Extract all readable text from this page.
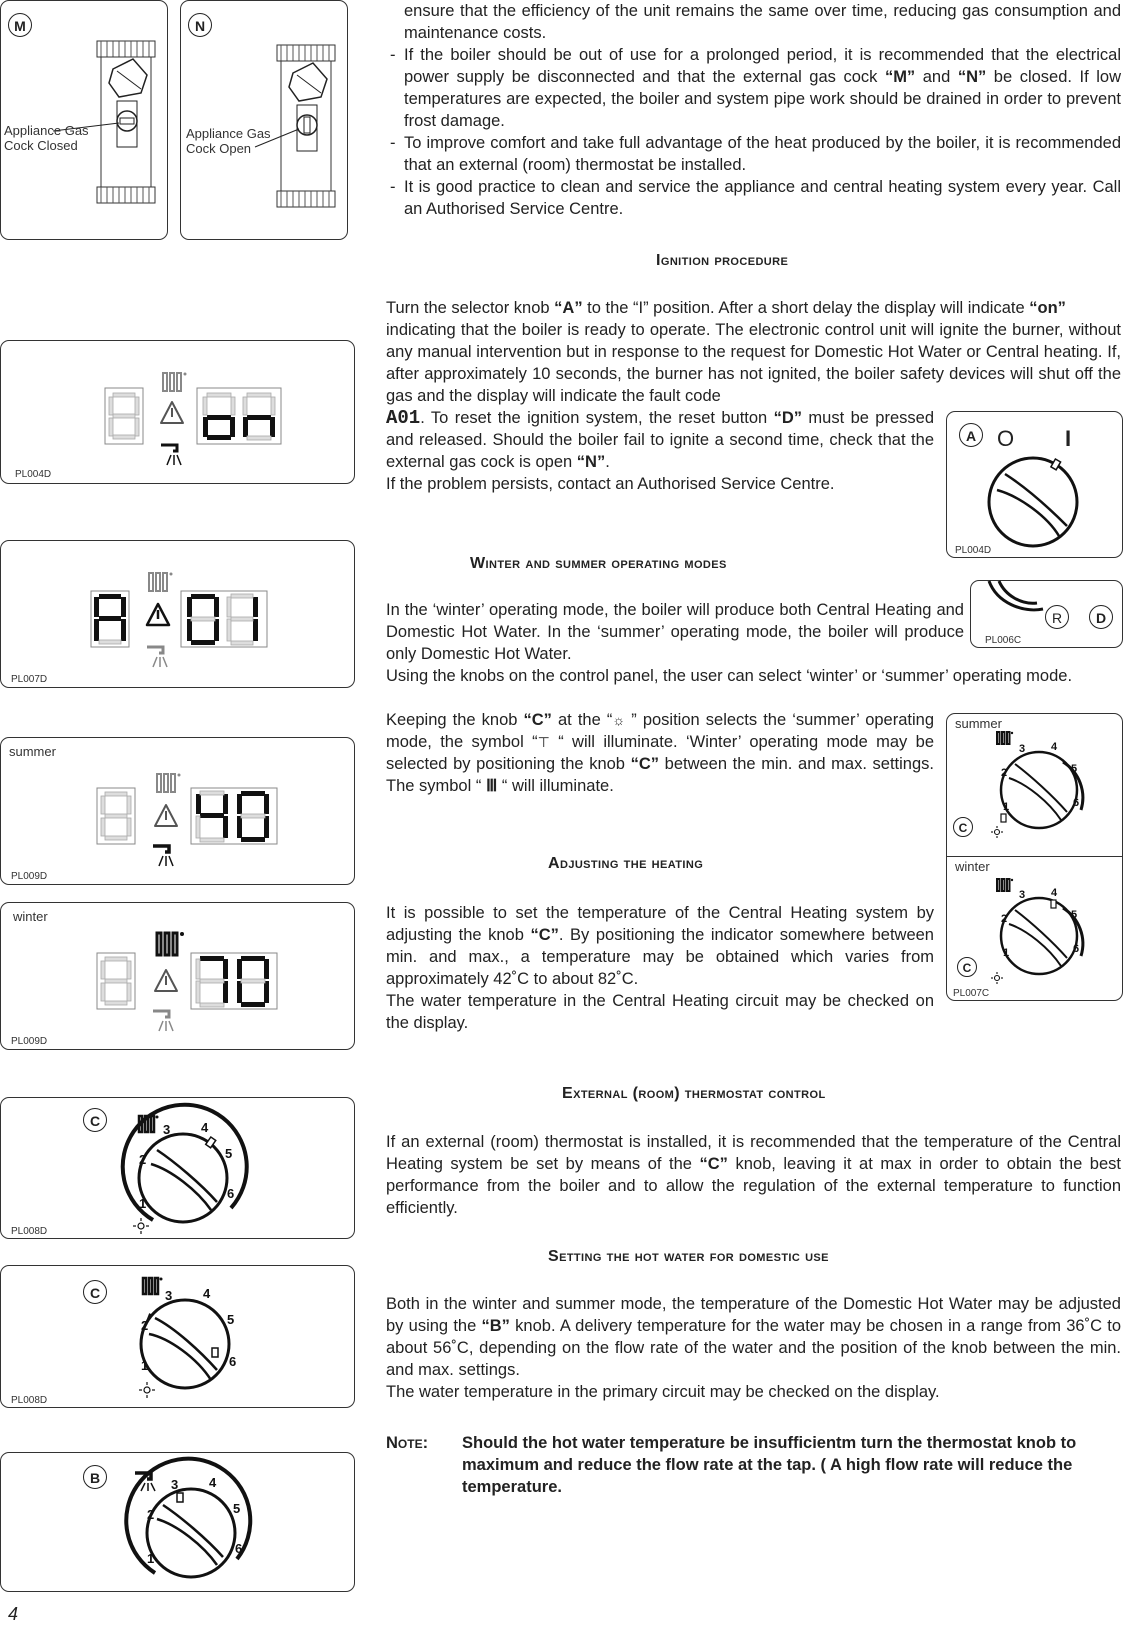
M
Appliance Gas
Cock Closed
N
Appliance Gas
Cock Open
PL004D
PL007D
summer
PL009D
winter
PL009D
C
1
2
3 4
5
6
PL008D
C
1
2
3 4
5
6
PL008D
B
1
2
3 4
5
6
A O I
PL004D
R	D
PL006C
summer
winter
C
C
1
2
3 4
5
6
1
2
3 4
5
6
PL007C

ensure that the efficiency of the unit remains the same over time, reducing gas consumption and maintenance costs.

- If the boiler should be out of use for a prolonged period, it is recommended that the electrical power supply be disconnected and that the external gas cock “M” and “N” be closed. If low temperatures are expected, the boiler and system pipe work should be drained in order to prevent frost damage.
- To improve comfort and take full advantage of the heat produced by the boiler, it is recommended that an external (room) thermostat be installed.
- It is good practice to clean and service the appliance and central heating system every year. Call an Authorised Service Centre.
Ignition procedure

Turn the selector knob “A” to the “I” position. After a short delay the display will indicate “on”

indicating that the boiler is ready to operate. The electronic control unit will ignite the burner, without any manual intervention but in response to the request for Domestic Hot Water or Central heating. If, after approximately 10 seconds, the burner has not ignited, the boiler safety devices will shut off the gas and the display will indicate the fault code

A01. To reset the ignition system, the reset button “D” must be pressed and released. Should the boiler fail to ignite a second time, check that the external gas cock is open “N”.

If the problem persists, contact an Authorised Service Centre.

Winter and summer operating modes

In the ‘winter’ operating mode, the boiler will produce both Central Heating and Domestic Hot Water. In the ‘summer’ operating mode, the boiler will produce only Domestic Hot Water.

Using the knobs on the control panel, the user can select ‘winter’ or ‘summer’ operating mode.

Keeping the knob “C” at the “☼ ” position selects the ‘summer’ operating mode, the symbol “⊤ “ will illuminate. ‘Winter’ operating mode may be selected by positioning the knob “C” between the min. and max. settings. The symbol “ Ⅲ “ will illuminate.

Adjusting the heating

It is possible to set the temperature of the Central Heating system by adjusting the knob “C”. By positioning the indicator somewhere between min. and max., a temperature may be obtained which varies from approximately 42˚C to about 82˚C.

The water temperature in the Central Heating circuit may be checked on the display.

External (room) thermostat control

If an external (room) thermostat is installed, it is recommended that the temperature of the Central Heating system be set by means of the “C” knob, leaving it at max in order to obtain the best performance from the boiler and to allow the regulation of the external temperature to function efficiently.

Setting the hot water for domestic use

Both in the winter and summer mode, the temperature of the Domestic Hot Water may be adjusted by using the “B” knob. A delivery temperature for the water may be chosen in a range from 36˚C to about 56˚C, depending on the flow rate of the water and the position of the knob between the min. and max. settings.

The water temperature in the primary circuit may be checked on the display.

Note: Should the hot water temperature be insufficientm turn the thermostat knob to maximum and reduce the flow rate at the tap. ( A high flow rate will reduce the temperature.
4
